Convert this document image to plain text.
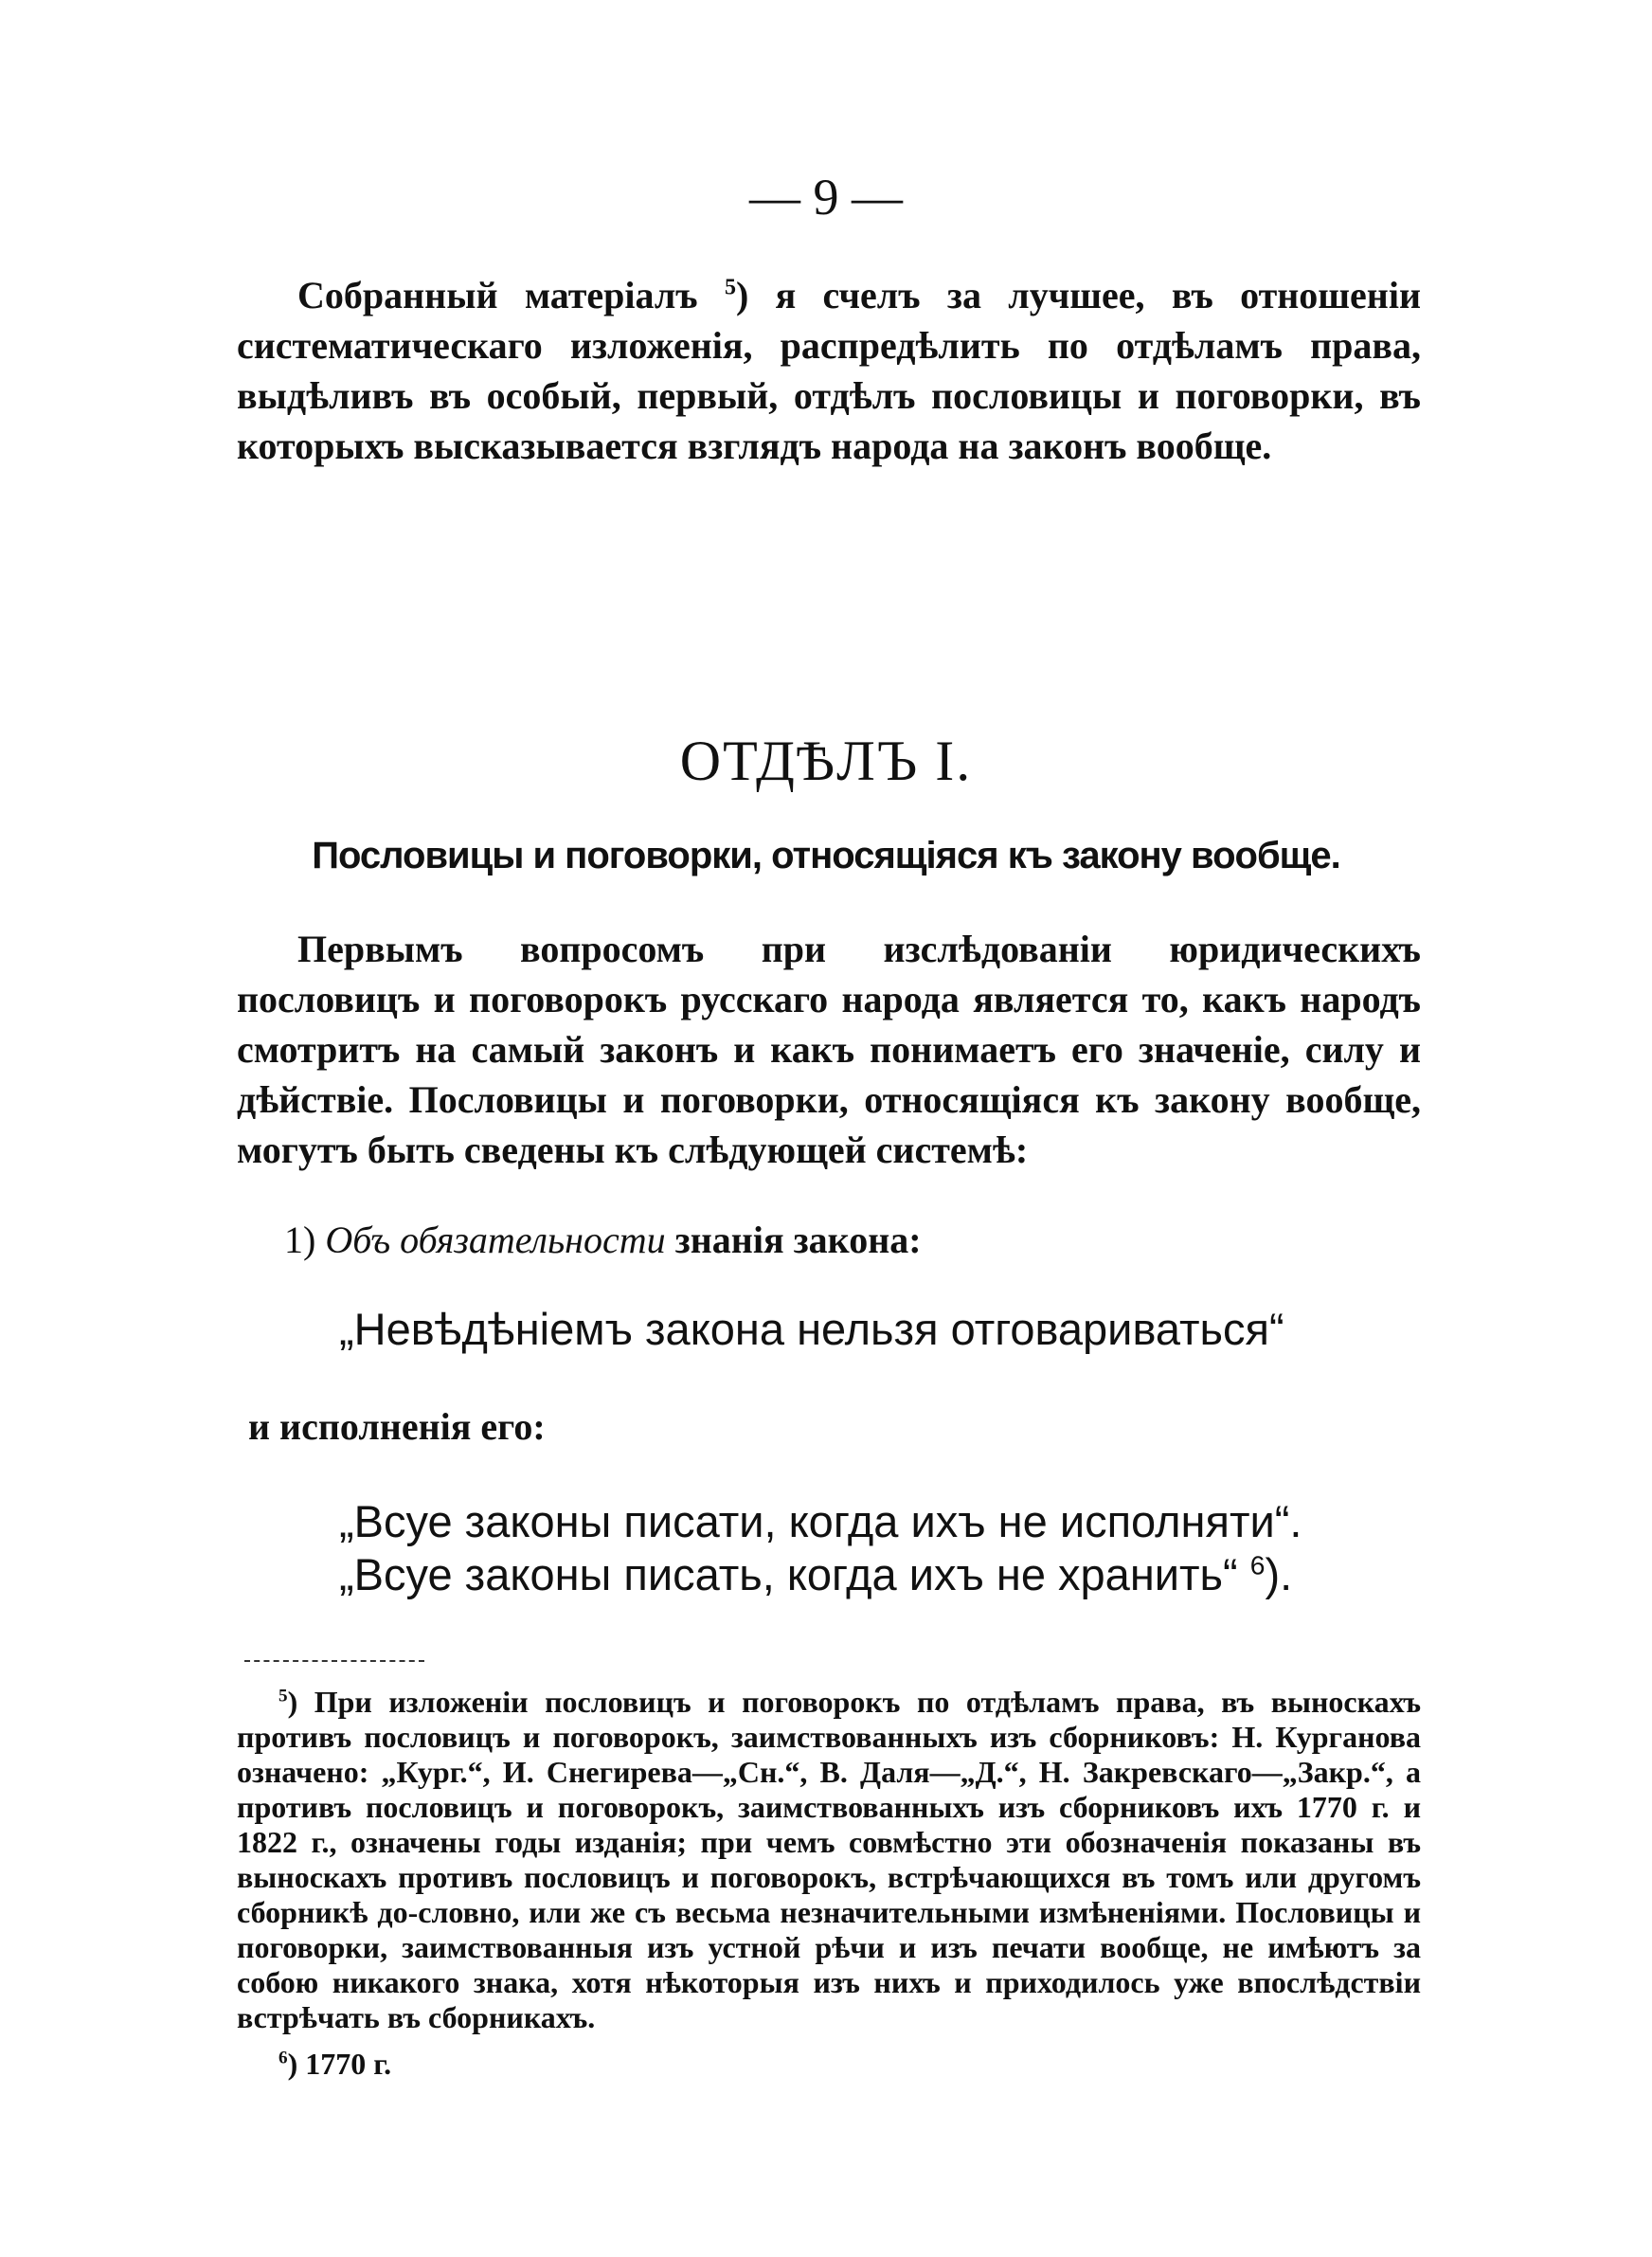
— 9 —

Собранный матеріалъ $^5$) я счелъ за лучшее, въ отношеніи систематическаго изложенія, распредѣлить по отдѣламъ права, выдѣливъ въ особый, первый, отдѣлъ пословицы и поговорки, въ которыхъ высказывается взглядъ народа на законъ вообще.

ОТДѢЛЪ I.
Пословицы и поговорки, относящіяся къ закону вообще.

Первымъ вопросомъ при изслѣдованіи юридическихъ пословицъ и поговорокъ русскаго народа является то, какъ народъ смотритъ на самый законъ и какъ понимаетъ его значеніе, силу и дѣйствіе. Пословицы и поговорки, относящіяся къ закону вообще, могутъ быть сведены къ слѣдующей системѣ:

1) Объ обязательности знанія закона:
„Невѣдѣніемъ закона нельзя отговариваться“
и исполненія его:
„Всуе законы писати, когда ихъ не исполняти“.
„Всуе законы писать, когда ихъ не хранить“ $^6$).

$^5$) При изложеніи пословицъ и поговорокъ по отдѣламъ права, въ выноскахъ противъ пословицъ и поговорокъ, заимствованныхъ изъ сборниковъ: Н. Курганова означено: „Кург.“, И. Снегирева—„Сн.“, В. Даля—„Д.“, Н. Закревскаго—„Закр.“, а противъ пословицъ и поговорокъ, заимствованныхъ изъ сборниковъ ихъ 1770 г. и 1822 г., означены годы изданія; при чемъ совмѣстно эти обозначенія показаны въ выноскахъ противъ пословицъ и поговорокъ, встрѣчающихся въ томъ или другомъ сборникѣ до-словно, или же съ весьма незначительными измѣненіями. Пословицы и поговорки, заимствованныя изъ устной рѣчи и изъ печати вообще, не имѣютъ за собою никакого знака, хотя нѣкоторыя изъ нихъ и приходилось уже впослѣдствіи встрѣчать въ сборникахъ.

$^6$) 1770 г.
